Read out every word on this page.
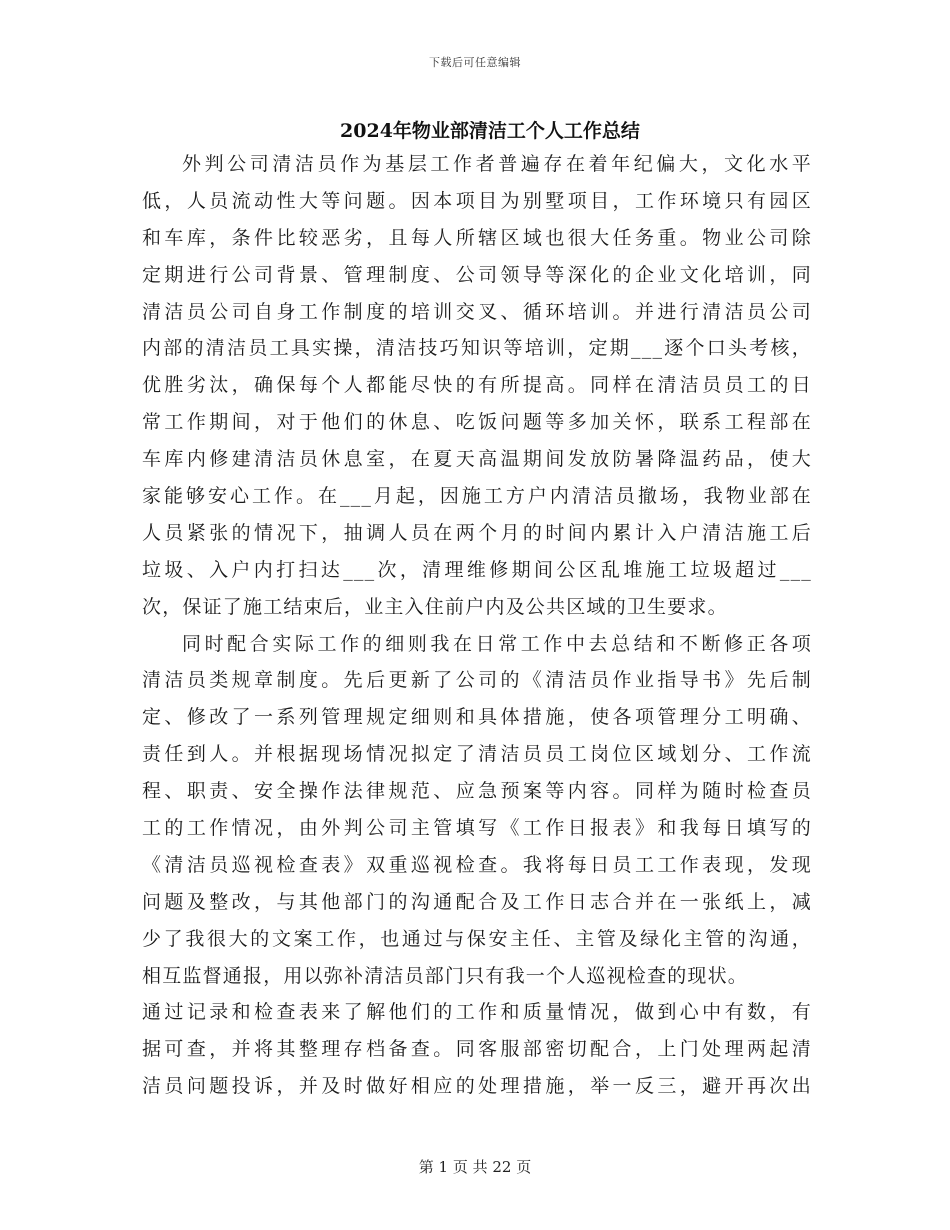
下载后可任意编辑
2024年物业部清洁工个人工作总结
外判公司清洁员作为基层工作者普遍存在着年纪偏大，文化水平
低，人员流动性大等问题。因本项目为别墅项目，工作环境只有园区
和车库，条件比较恶劣，且每人所辖区域也很大任务重。物业公司除
定期进行公司背景、管理制度、公司领导等深化的企业文化培训，同
清洁员公司自身工作制度的培训交叉、循环培训。并进行清洁员公司
内部的清洁员工具实操，清洁技巧知识等培训，定期___逐个口头考核，
优胜劣汰，确保每个人都能尽快的有所提高。同样在清洁员员工的日
常工作期间，对于他们的休息、吃饭问题等多加关怀，联系工程部在
车库内修建清洁员休息室，在夏天高温期间发放防暑降温药品，使大
家能够安心工作。在___月起，因施工方户内清洁员撤场，我物业部在
人员紧张的情况下，抽调人员在两个月的时间内累计入户清洁施工后
垃圾、入户内打扫达___次，清理维修期间公区乱堆施工垃圾超过___
次，保证了施工结束后，业主入住前户内及公共区域的卫生要求。
同时配合实际工作的细则我在日常工作中去总结和不断修正各项
清洁员类规章制度。先后更新了公司的《清洁员作业指导书》先后制
定、修改了一系列管理规定细则和具体措施，使各项管理分工明确、
责任到人。并根据现场情况拟定了清洁员员工岗位区域划分、工作流
程、职责、安全操作法律规范、应急预案等内容。同样为随时检查员
工的工作情况，由外判公司主管填写《工作日报表》和我每日填写的
《清洁员巡视检查表》双重巡视检查。我将每日员工工作表现，发现
问题及整改，与其他部门的沟通配合及工作日志合并在一张纸上，减
少了我很大的文案工作，也通过与保安主任、主管及绿化主管的沟通，
相互监督通报，用以弥补清洁员部门只有我一个人巡视检查的现状。
通过记录和检查表来了解他们的工作和质量情况，做到心中有数，有
据可查，并将其整理存档备查。同客服部密切配合，上门处理两起清
洁员问题投诉，并及时做好相应的处理措施，举一反三，避开再次出
第 1 页 共 22 页
